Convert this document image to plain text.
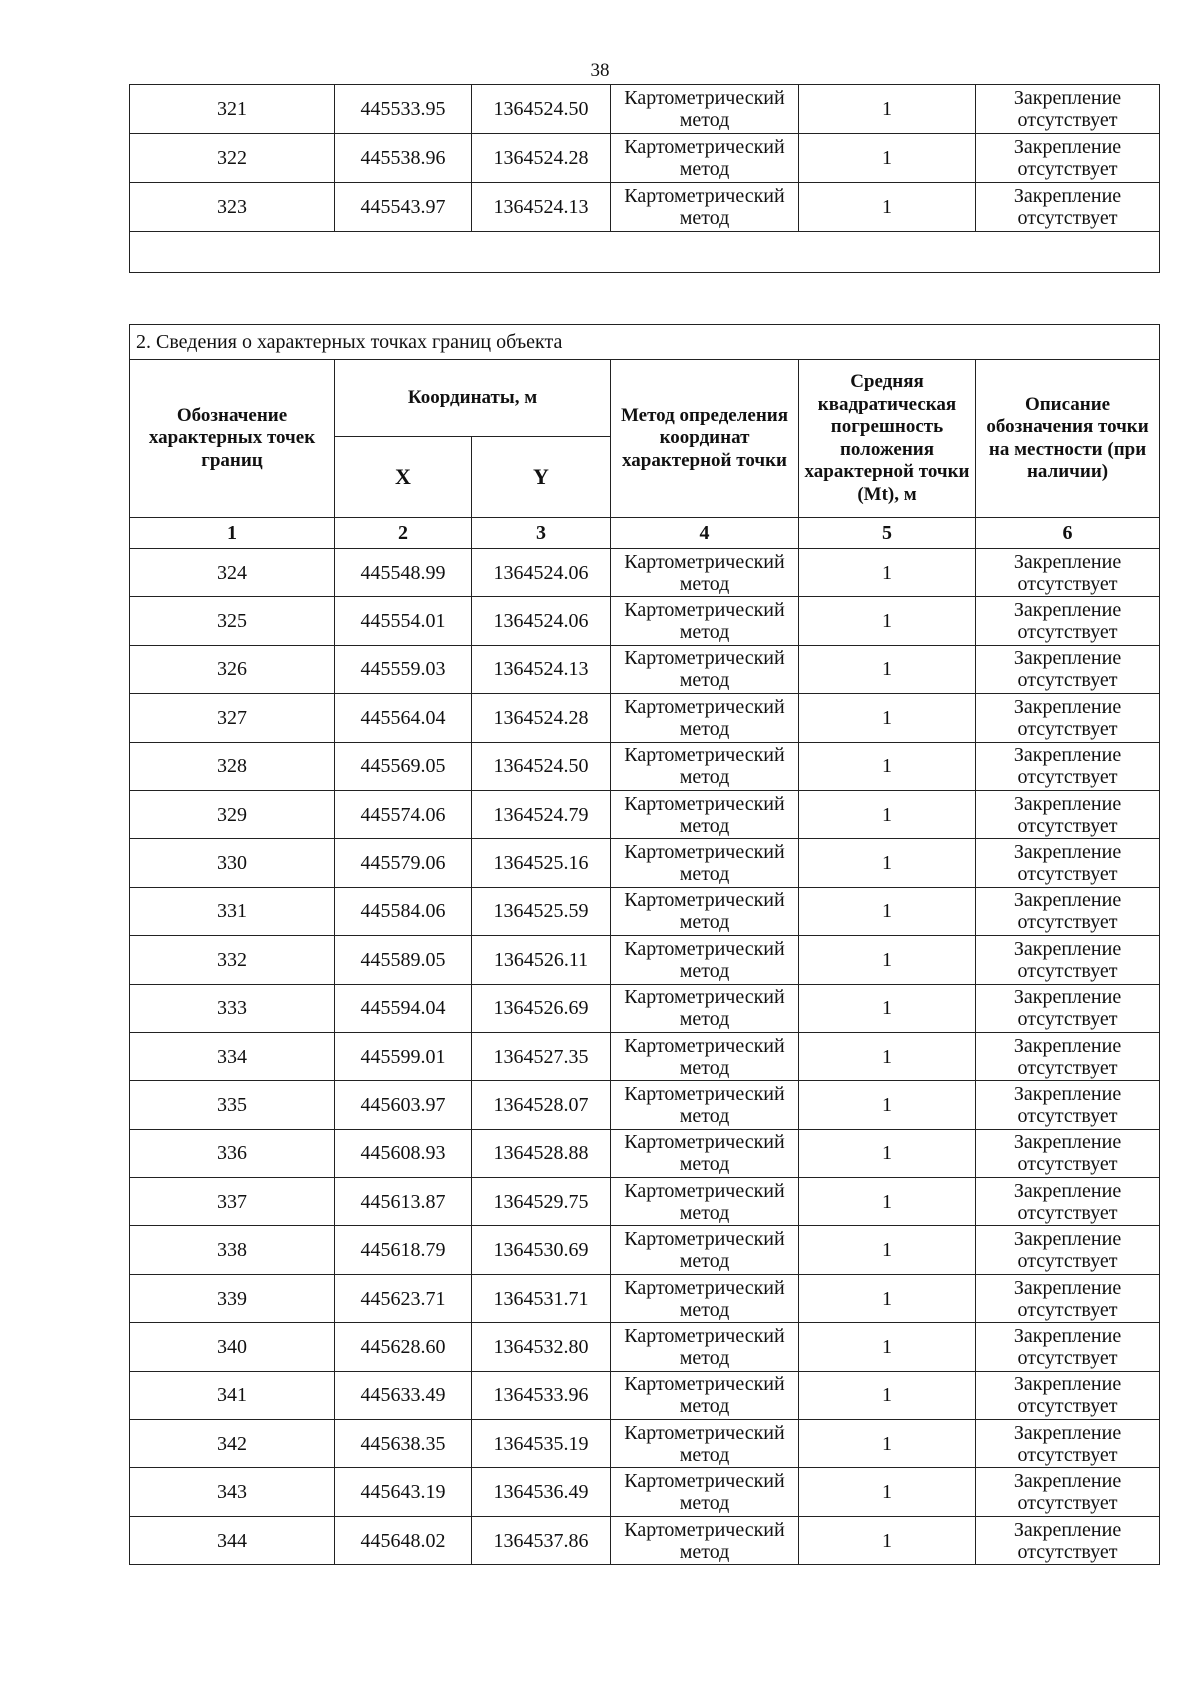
38
321	445533.95	1364524.50	Картометрический метод	1	Закрепление отсутствует
322	445538.96	1364524.28	Картометрический метод	1	Закрепление отсутствует
323	445543.97	1364524.13	Картометрический метод	1	Закрепление отсутствует

2. Сведения о характерных точках границ объекта					
Обозначение характерных точек границ	Координаты, м		Метод определения координат характерной точки	Средняя квадратическая погрешность положения характерной точки (Mt), м	Описание обозначения точки на местности (при наличии)
	X	Y			
1	2	3	4	5	6
324	445548.99	1364524.06	Картометрический метод	1	Закрепление отсутствует
325	445554.01	1364524.06	Картометрический метод	1	Закрепление отсутствует
326	445559.03	1364524.13	Картометрический метод	1	Закрепление отсутствует
327	445564.04	1364524.28	Картометрический метод	1	Закрепление отсутствует
328	445569.05	1364524.50	Картометрический метод	1	Закрепление отсутствует
329	445574.06	1364524.79	Картометрический метод	1	Закрепление отсутствует
330	445579.06	1364525.16	Картометрический метод	1	Закрепление отсутствует
331	445584.06	1364525.59	Картометрический метод	1	Закрепление отсутствует
332	445589.05	1364526.11	Картометрический метод	1	Закрепление отсутствует
333	445594.04	1364526.69	Картометрический метод	1	Закрепление отсутствует
334	445599.01	1364527.35	Картометрический метод	1	Закрепление отсутствует
335	445603.97	1364528.07	Картометрический метод	1	Закрепление отсутствует
336	445608.93	1364528.88	Картометрический метод	1	Закрепление отсутствует
337	445613.87	1364529.75	Картометрический метод	1	Закрепление отсутствует
338	445618.79	1364530.69	Картометрический метод	1	Закрепление отсутствует
339	445623.71	1364531.71	Картометрический метод	1	Закрепление отсутствует
340	445628.60	1364532.80	Картометрический метод	1	Закрепление отсутствует
341	445633.49	1364533.96	Картометрический метод	1	Закрепление отсутствует
342	445638.35	1364535.19	Картометрический метод	1	Закрепление отсутствует
343	445643.19	1364536.49	Картометрический метод	1	Закрепление отсутствует
344	445648.02	1364537.86	Картометрический метод	1	Закрепление отсутствует
